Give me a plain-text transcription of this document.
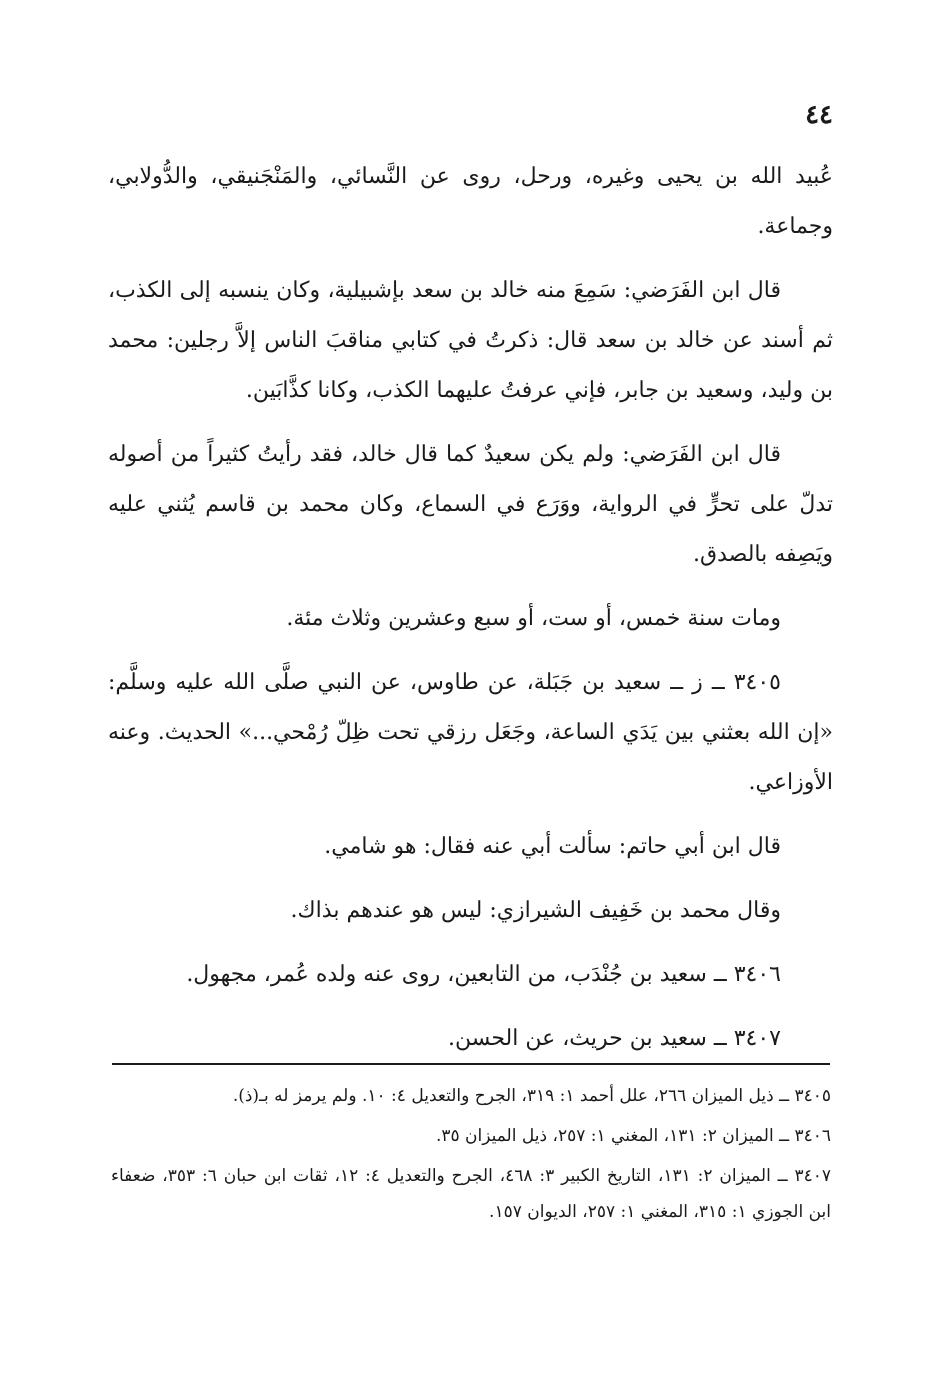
٤٤

عُبيد الله بن يحيى وغيره، ورحل، روى عن النَّسائي، والمَنْجَنيقي، والدُّولابي، وجماعة.

قال ابن الفَرَضي: سَمِعَ منه خالد بن سعد بإشبيلية، وكان ينسبه إلى الكذب، ثم أسند عن خالد بن سعد قال: ذكرتُ في كتابي مناقبَ الناس إلاَّ رجلين: محمد بن وليد، وسعيد بن جابر، فإني عرفتُ عليهما الكذب، وكانا كذَّابَين.

قال ابن الفَرَضي: ولم يكن سعيدٌ كما قال خالد، فقد رأيتُ كثيراً من أصوله تدلّ على تحرٍّ في الرواية، ووَرَع في السماع، وكان محمد بن قاسم يُثني عليه ويَصِفه بالصدق.

ومات سنة خمس، أو ست، أو سبع وعشرين وثلاث مئة.

٣٤٠٥ ــ ز ــ سعيد بن جَبَلة، عن طاوس، عن النبي صلَّى الله عليه وسلَّم: «إن الله بعثني بين يَدَي الساعة، وجَعَل رزقي تحت ظِلّ رُمْحي...» الحديث. وعنه الأوزاعي.

قال ابن أبي حاتم: سألت أبي عنه فقال: هو شامي.

وقال محمد بن خَفِيف الشيرازي: ليس هو عندهم بذاك.

٣٤٠٦ ــ سعيد بن جُنْدَب، من التابعين، روى عنه ولده عُمر، مجهول.

٣٤٠٧ ــ سعيد بن حريث، عن الحسن.

٣٤٠٥ ــ ذيل الميزان ٢٦٦، علل أحمد ١: ٣١٩، الجرح والتعديل ٤: ١٠. ولم يرمز له بـ(ذ).

٣٤٠٦ ــ الميزان ٢: ١٣١، المغني ١: ٢٥٧، ذيل الميزان ٣٥.

٣٤٠٧ ــ الميزان ٢: ١٣١، التاريخ الكبير ٣: ٤٦٨، الجرح والتعديل ٤: ١٢، ثقات ابن حبان ٦: ٣٥٣، ضعفاء ابن الجوزي ١: ٣١٥، المغني ١: ٢٥٧، الديوان ١٥٧.
